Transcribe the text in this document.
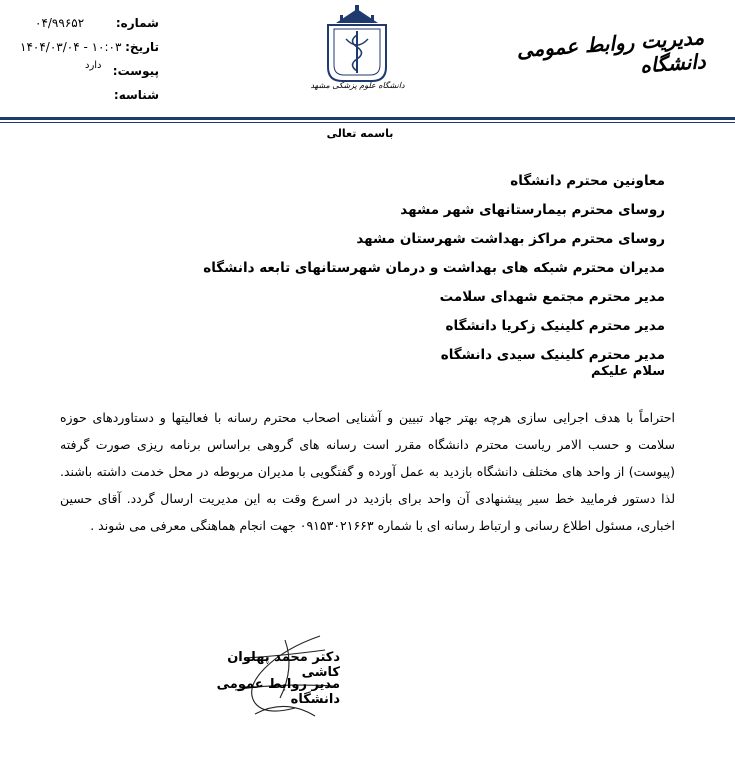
مدیریت روابط عمومی دانشگاه
دانشگاه علوم پزشکی مشهد
شماره:
۰۴/۹۹۶۵۲
تاریخ:
۱۴۰۴/۰۳/۰۴ - ۱۰:۰۳
پیوست:
دارد
شناسه:
باسمه تعالی
معاونین محترم دانشگاه
روسای محترم بیمارستانهای شهر مشهد
روسای محترم مراکز بهداشت شهرستان مشهد
مدیران محترم شبکه های بهداشت و درمان شهرستانهای تابعه دانشگاه
مدیر محترم مجتمع شهدای سلامت
مدیر محترم کلینیک زکریا دانشگاه
مدیر محترم کلینیک سیدی دانشگاه
سلام علیکم
احتراماً با هدف اجرایی سازی هرچه بهتر جهاد تبیین و آشنایی اصحاب محترم رسانه با فعالیتها و دستاوردهای حوزه سلامت و حسب الامر ریاست محترم دانشگاه مقرر است رسانه های گروهی براساس برنامه ریزی صورت گرفته (پیوست) از واحد های مختلف دانشگاه بازدید به عمل آورده و گفتگویی با مدیران مربوطه در محل خدمت داشته باشند. لذا دستور فرمایید خط سیر پیشنهادی آن واحد برای بازدید در اسرع وقت به این مدیریت ارسال گردد. آقای حسین اخباری، مسئول اطلاع رسانی و ارتباط رسانه ای با شماره ۰۹۱۵۳۰۲۱۶۶۳ جهت انجام هماهنگی معرفی می شوند .
دکتر محمد پهلوان کاشی
مدیر روابط عمومی دانشگاه
